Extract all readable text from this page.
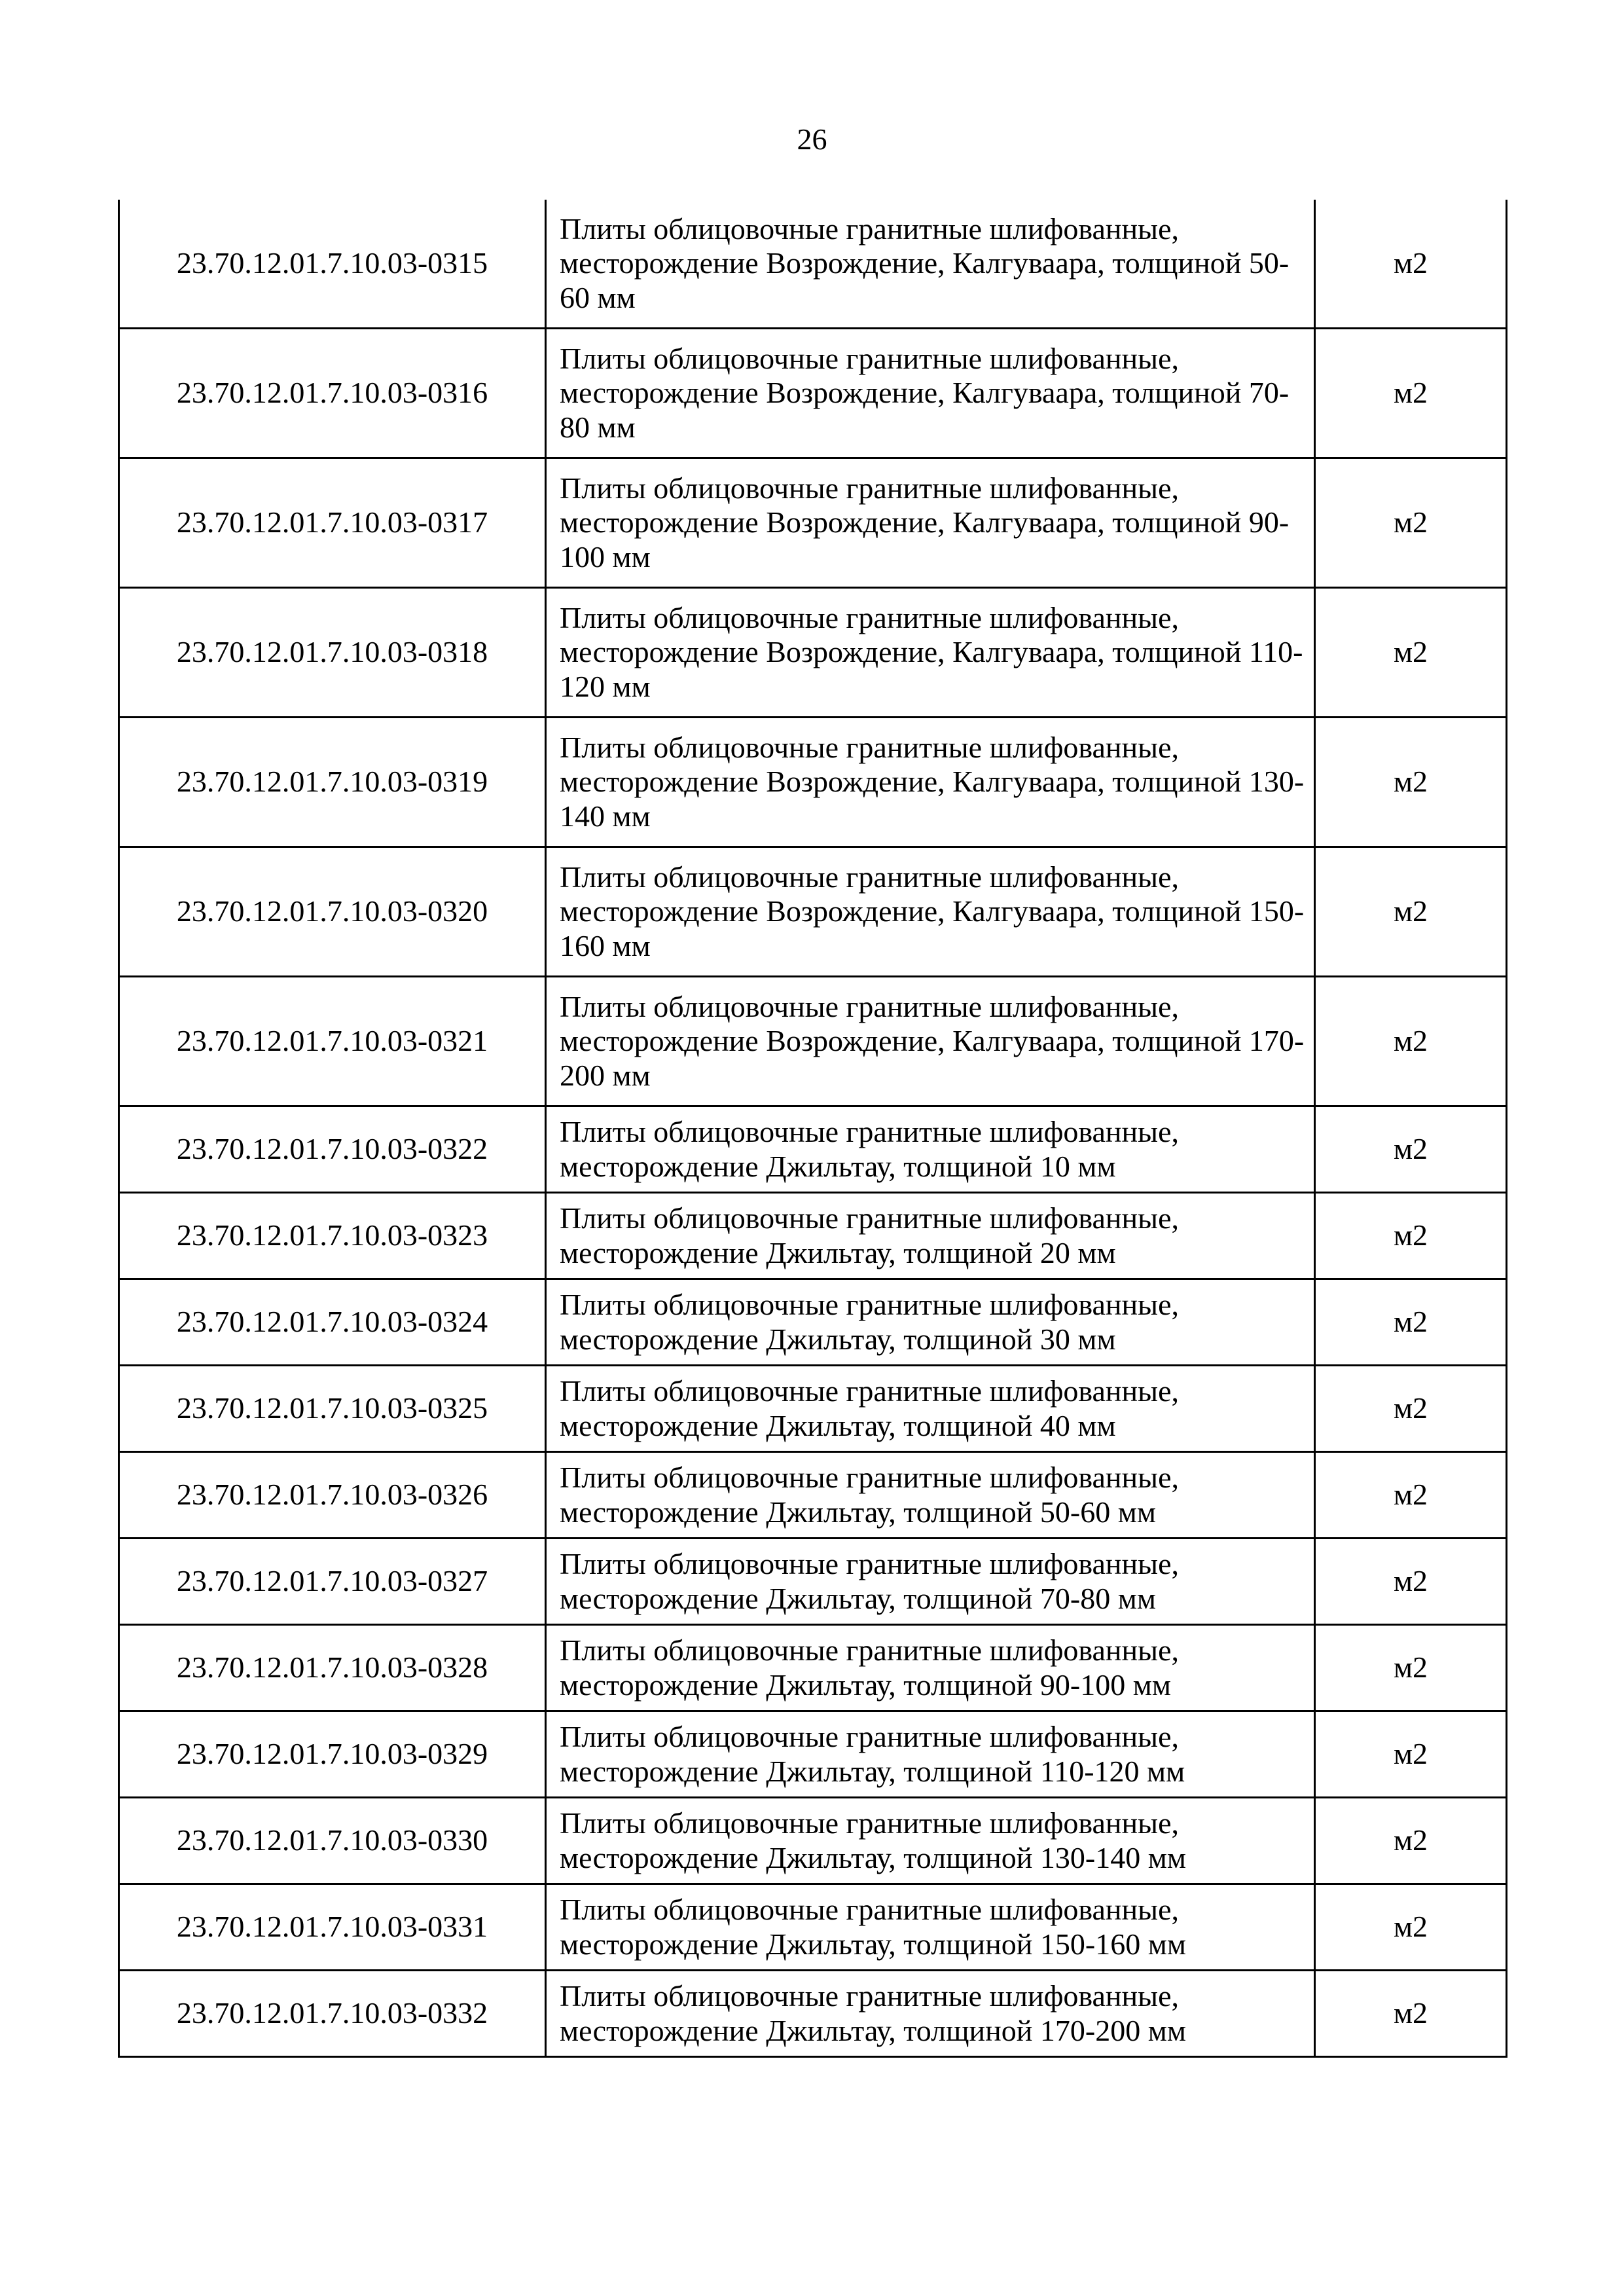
26
23.70.12.01.7.10.03-0315	Плиты облицовочные гранитные шлифованные, месторождение Возрождение, Калгуваара, толщиной 50-60 мм	м2
23.70.12.01.7.10.03-0316	Плиты облицовочные гранитные шлифованные, месторождение Возрождение, Калгуваара, толщиной 70-80 мм	м2
23.70.12.01.7.10.03-0317	Плиты облицовочные гранитные шлифованные, месторождение Возрождение, Калгуваара, толщиной 90-100 мм	м2
23.70.12.01.7.10.03-0318	Плиты облицовочные гранитные шлифованные, месторождение Возрождение, Калгуваара, толщиной 110-120 мм	м2
23.70.12.01.7.10.03-0319	Плиты облицовочные гранитные шлифованные, месторождение Возрождение, Калгуваара, толщиной 130-140 мм	м2
23.70.12.01.7.10.03-0320	Плиты облицовочные гранитные шлифованные, месторождение Возрождение, Калгуваара, толщиной 150-160 мм	м2
23.70.12.01.7.10.03-0321	Плиты облицовочные гранитные шлифованные, месторождение Возрождение, Калгуваара, толщиной 170-200 мм	м2
23.70.12.01.7.10.03-0322	Плиты облицовочные гранитные шлифованные, месторождение Джильтау, толщиной 10 мм	м2
23.70.12.01.7.10.03-0323	Плиты облицовочные гранитные шлифованные, месторождение Джильтау, толщиной 20 мм	м2
23.70.12.01.7.10.03-0324	Плиты облицовочные гранитные шлифованные, месторождение Джильтау, толщиной 30 мм	м2
23.70.12.01.7.10.03-0325	Плиты облицовочные гранитные шлифованные, месторождение Джильтау, толщиной 40 мм	м2
23.70.12.01.7.10.03-0326	Плиты облицовочные гранитные шлифованные, месторождение Джильтау, толщиной 50-60 мм	м2
23.70.12.01.7.10.03-0327	Плиты облицовочные гранитные шлифованные, месторождение Джильтау, толщиной 70-80 мм	м2
23.70.12.01.7.10.03-0328	Плиты облицовочные гранитные шлифованные, месторождение Джильтау, толщиной 90-100 мм	м2
23.70.12.01.7.10.03-0329	Плиты облицовочные гранитные шлифованные, месторождение Джильтау, толщиной 110-120 мм	м2
23.70.12.01.7.10.03-0330	Плиты облицовочные гранитные шлифованные, месторождение Джильтау, толщиной 130-140 мм	м2
23.70.12.01.7.10.03-0331	Плиты облицовочные гранитные шлифованные, месторождение Джильтау, толщиной 150-160 мм	м2
23.70.12.01.7.10.03-0332	Плиты облицовочные гранитные шлифованные, месторождение Джильтау, толщиной 170-200 мм	м2
